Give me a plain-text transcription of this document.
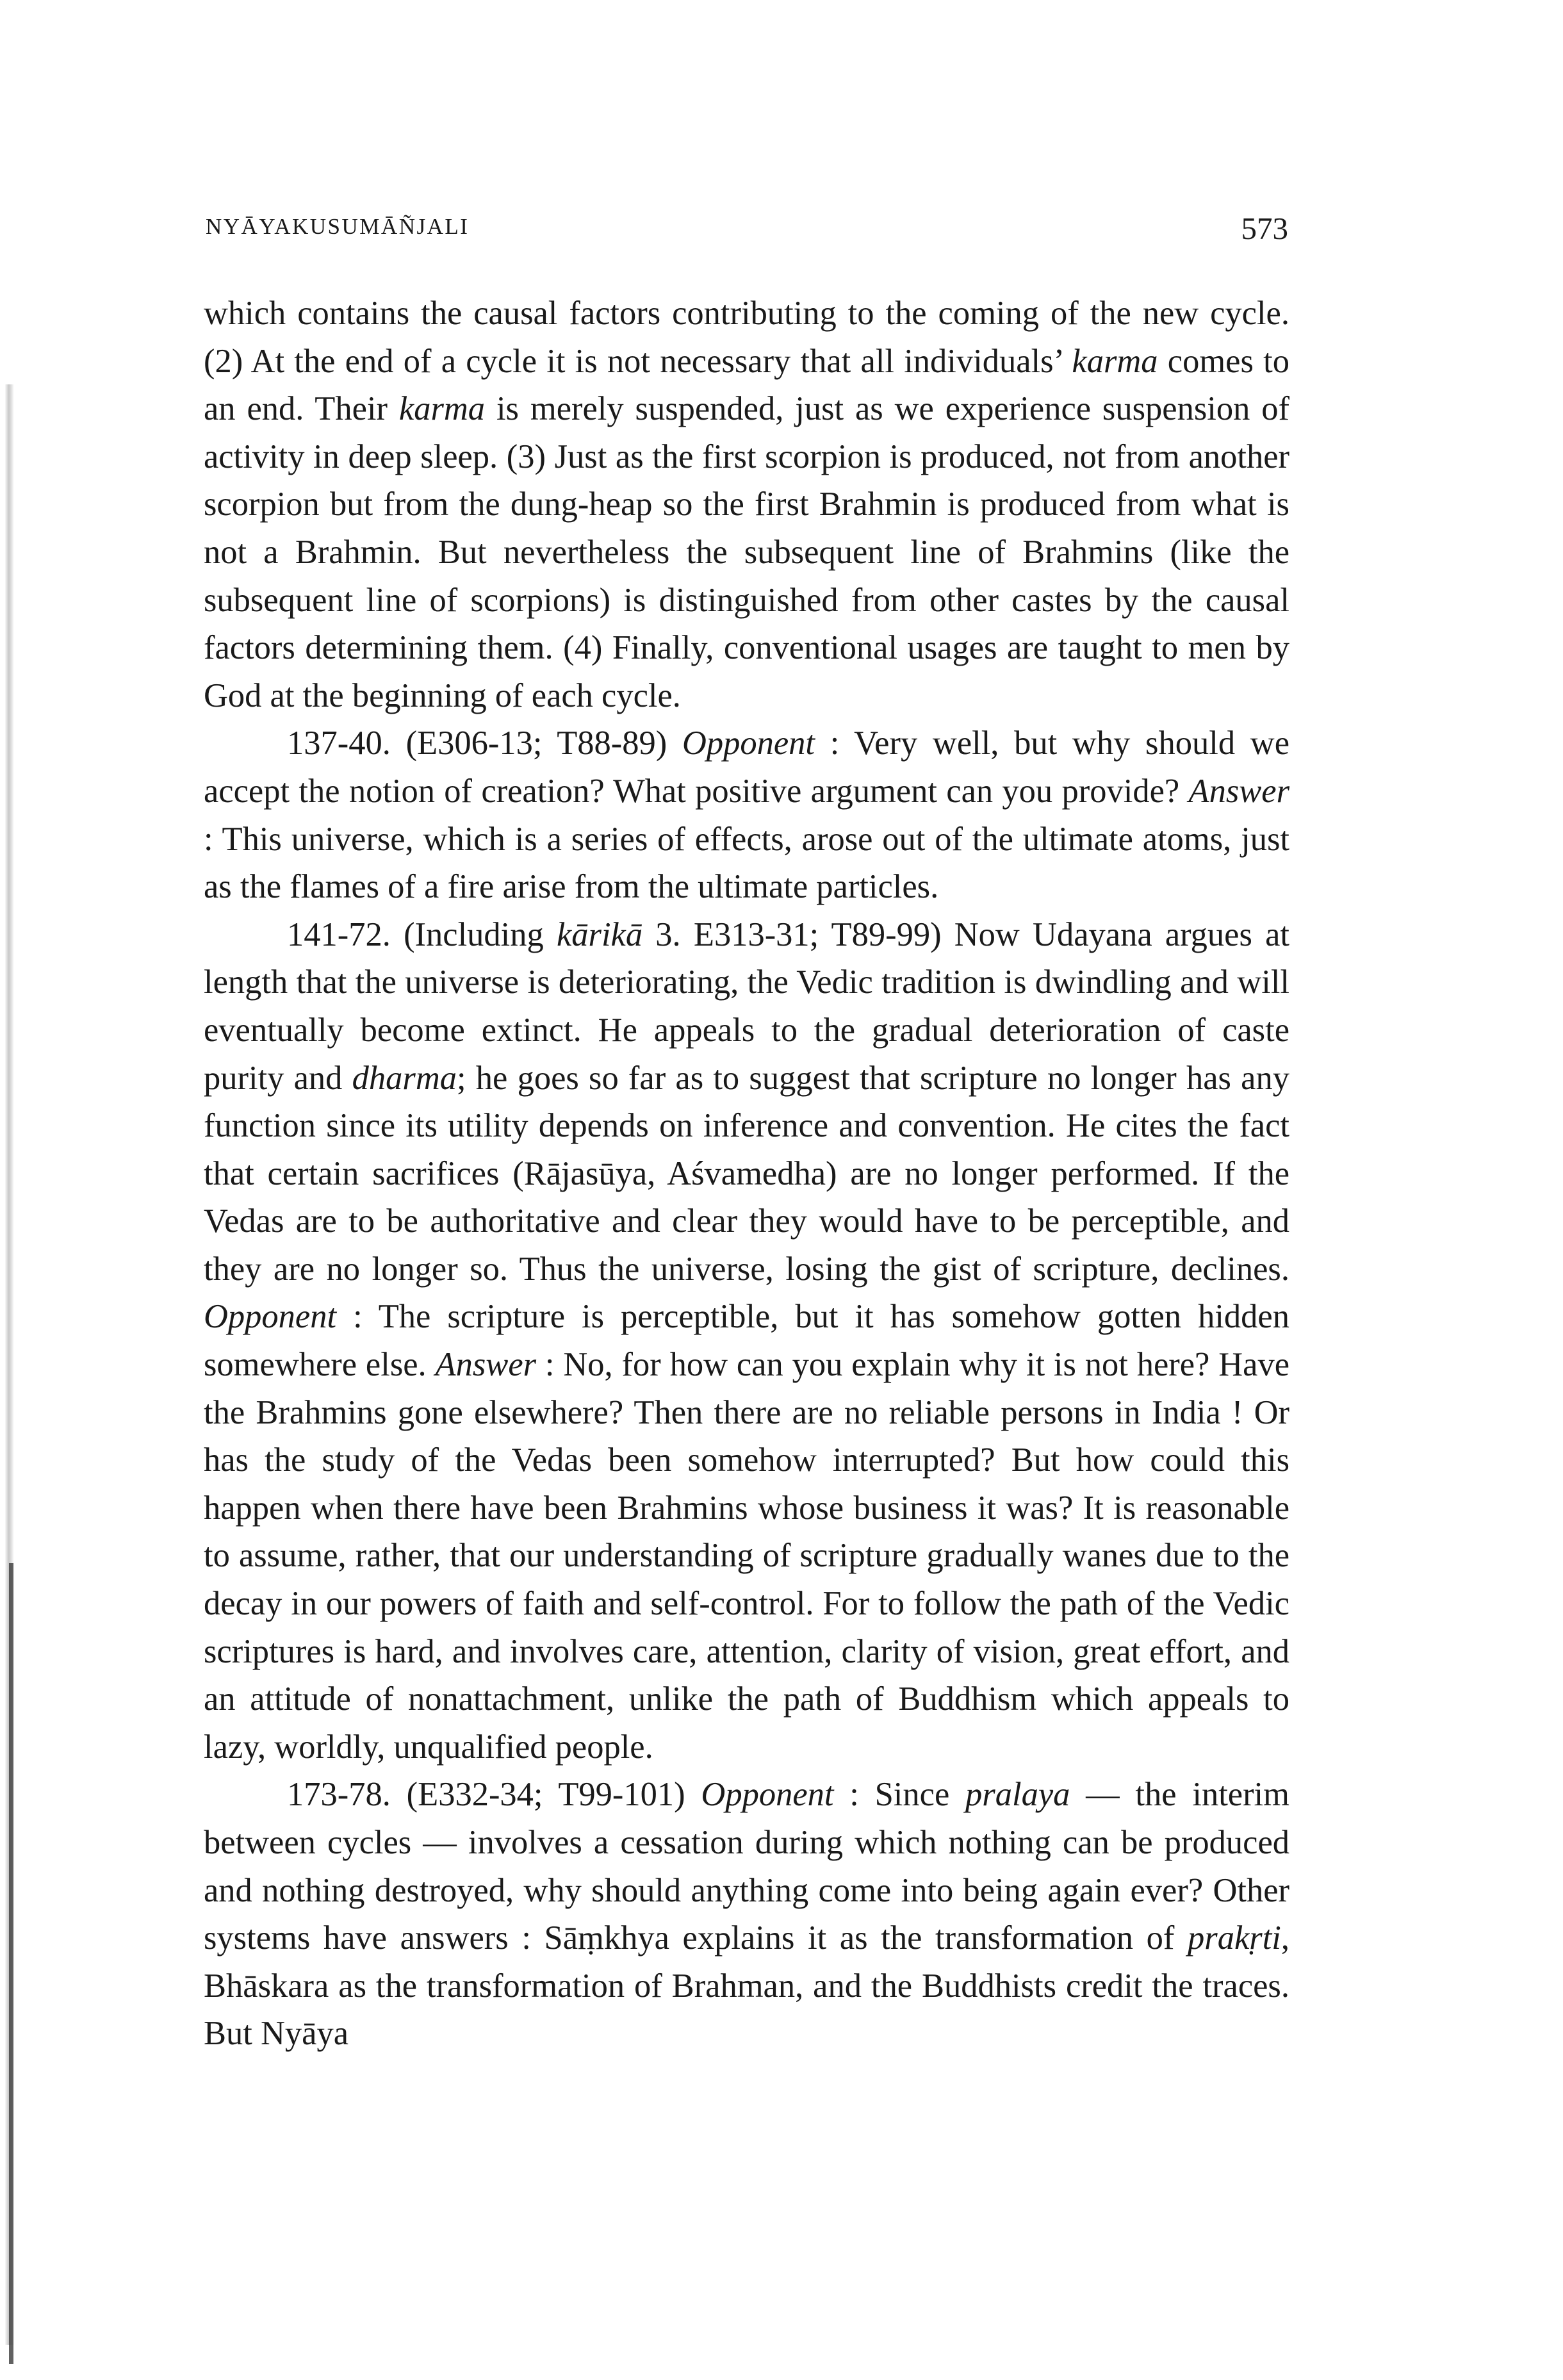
NYĀYAKUSUMĀÑJALI	573

which contains the causal factors contributing to the coming of the new cycle. (2) At the end of a cycle it is not necessary that all individuals’ karma comes to an end. Their karma is merely suspended, just as we experience suspension of activity in deep sleep. (3) Just as the first scorpion is produced, not from another scorpion but from the dung-heap so the first Brahmin is produced from what is not a Brahmin. But nevertheless the subsequent line of Brahmins (like the subsequent line of scorpions) is distinguished from other castes by the causal factors determining them. (4) Finally, conventional usages are taught to men by God at the beginning of each cycle.

137-40. (E306-13; T88-89) Opponent : Very well, but why should we accept the notion of creation? What positive argument can you provide? Answer : This universe, which is a series of effects, arose out of the ultimate atoms, just as the flames of a fire arise from the ultimate particles.

141-72. (Including kārikā 3. E313-31; T89-99) Now Udayana argues at length that the universe is deteriorating, the Vedic tradition is dwindling and will eventually become extinct. He appeals to the gradual deterioration of caste purity and dharma; he goes so far as to suggest that scripture no longer has any function since its utility depends on inference and convention. He cites the fact that certain sacrifices (Rājasūya, Aśvamedha) are no longer performed. If the Vedas are to be authoritative and clear they would have to be perceptible, and they are no longer so. Thus the universe, losing the gist of scripture, declines. Opponent : The scripture is perceptible, but it has somehow gotten hidden somewhere else. Answer : No, for how can you explain why it is not here? Have the Brahmins gone elsewhere? Then there are no reliable persons in India ! Or has the study of the Vedas been somehow interrupted? But how could this happen when there have been Brahmins whose business it was? It is reasonable to assume, rather, that our understanding of scripture gradually wanes due to the decay in our powers of faith and self-control. For to follow the path of the Vedic scriptures is hard, and involves care, attention, clarity of vision, great effort, and an attitude of nonattachment, unlike the path of Buddhism which appeals to lazy, worldly, unqualified people.

173-78. (E332-34; T99-101) Opponent : Since pralaya — the interim between cycles — involves a cessation during which nothing can be produced and nothing destroyed, why should anything come into being again ever? Other systems have answers : Sāṃkhya explains it as the transformation of prakṛti, Bhāskara as the transformation of Brahman, and the Buddhists credit the traces. But Nyāya
